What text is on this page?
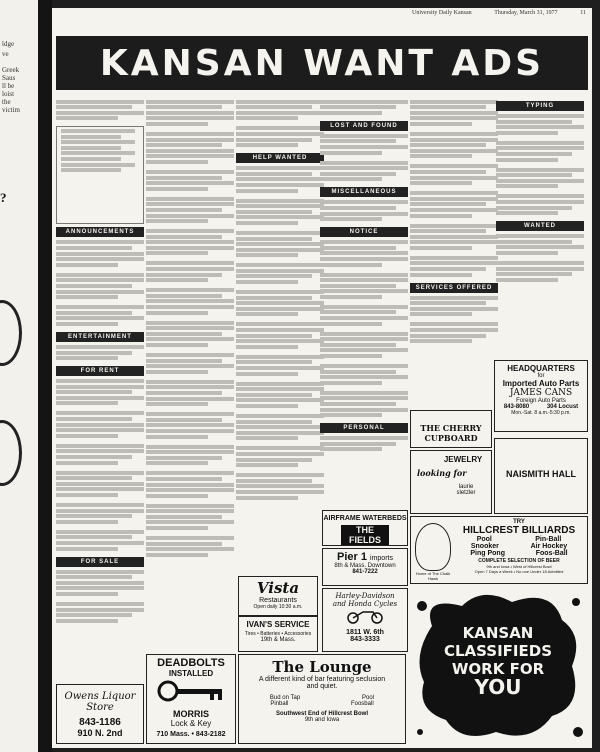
ldge
ve
Greek
Saus
ll be
loist
the
victim
?
University Daily Kansan	Thursday, March 31, 1977	11
KANSAN WANT ADS
ANNOUNCEMENTS
ENTERTAINMENT
FOR RENT
FOR SALE
HELP WANTED
LOST AND FOUND
MISCELLANEOUS
NOTICE
PERSONAL
SERVICES OFFERED
TYPING
WANTED
Owens Liquor Store
843-1186
910 N. 2nd
DEADBOLTS
INSTALLED
MORRIS
Lock & Key
710 Mass. • 843-2182
Vista
Restaurants
Open daily 10:30 a.m.
IVAN'S SERVICE
Tires • Batteries • Accessories
19th & Mass.
The Lounge
A different kind of bar featuring seclusion and quiet.
Bud on Tap	Pool
Pinball	Foosball
Southwest End of Hillcrest Bowl
9th and Iowa
AIRFRAME WATERBEDS
THE FIELDS
Pier 1 imports
8th & Mass. Downtown
841-7222
Harley-Davidson
and Honda Cycles
1811 W. 6th
843-3333
THE CHERRY CUPBOARD
JEWELRY
looking for
laurie
sletzler
NAISMITH HALL
HEADQUARTERS
for
Imported Auto Parts
JAMES CANS
Foreign Auto Parts
843-8080	304 Locust
Mon.-Sat. 8 a.m.-5:30 p.m.
Home of The Chalk Hawk
TRY
HILLCREST BILLIARDS
Pool	Pin-Ball
Snooker	Air Hockey
Ping Pong	Foos-Ball
COMPLETE SELECTION OF BEER
9th and Iowa • West of Hillcrest Bowl
Open 7 Days a Week • No one Under 18 Admitted
KANSAN
CLASSIFIEDS
WORK FOR
YOU
